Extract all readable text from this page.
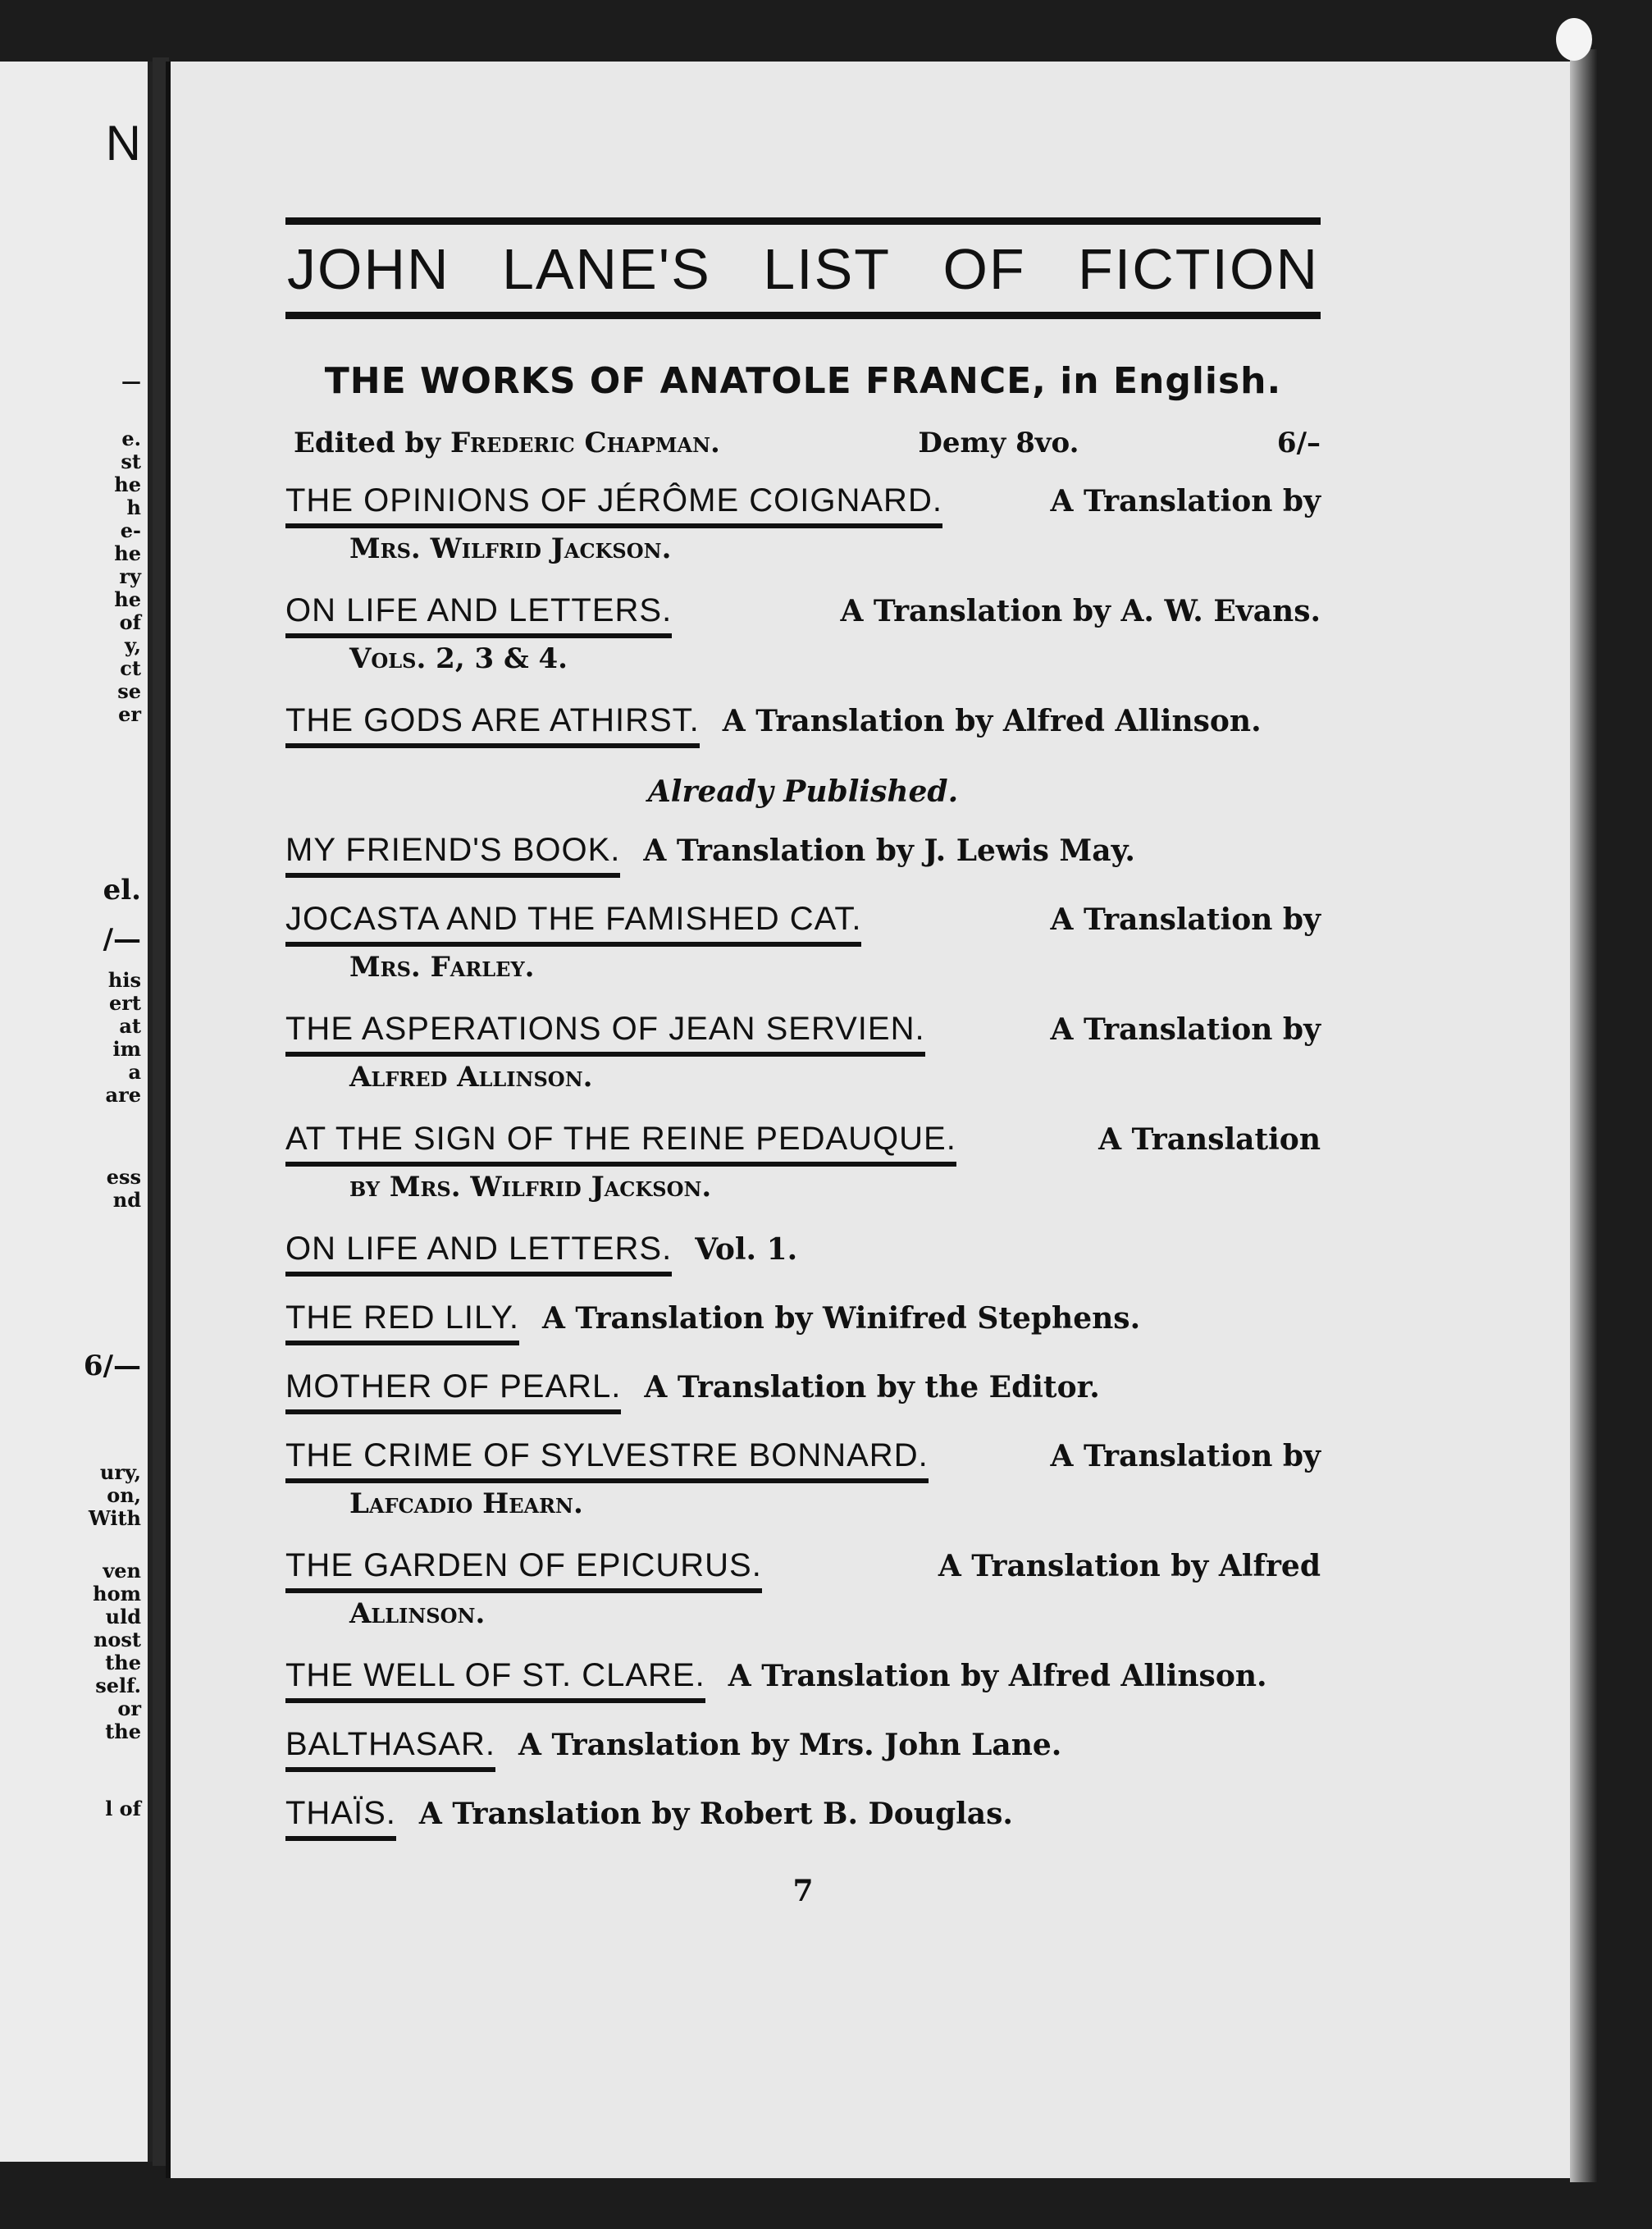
—
N
e.
st
he
h
e-
he
ry
he
of
y,
ct
se
er
el.
/—
his
ert
at
im
a
are
ess
nd
6/—
ury,
on,
With
ven
hom
uld
nost
the
self.
or
the
l of
JOHN LANE'S LIST OF FICTION
THE WORKS OF ANATOLE FRANCE, in English.
Edited by Frederic Chapman.	Demy 8vo.	6/–
THE OPINIONS OF JÉRÔME COIGNARD.	A Translation by
Mrs. Wilfrid Jackson.
ON LIFE AND LETTERS.	A Translation by A. W. Evans.
Vols. 2, 3 & 4.
THE GODS ARE ATHIRST. A Translation by Alfred Allinson.
Already Published.
MY FRIEND'S BOOK. A Translation by J. Lewis May.
JOCASTA AND THE FAMISHED CAT.	A Translation by
Mrs. Farley.
THE ASPERATIONS OF JEAN SERVIEN.	A Translation by
Alfred Allinson.
AT THE SIGN OF THE REINE PEDAUQUE.	A Translation
by Mrs. Wilfrid Jackson.
ON LIFE AND LETTERS. Vol. 1.
THE RED LILY. A Translation by Winifred Stephens.
MOTHER OF PEARL. A Translation by the Editor.
THE CRIME OF SYLVESTRE BONNARD.	A Translation by
Lafcadio Hearn.
THE GARDEN OF EPICURUS.	A Translation by Alfred
Allinson.
THE WELL OF ST. CLARE. A Translation by Alfred Allinson.
BALTHASAR. A Translation by Mrs. John Lane.
THAÏS. A Translation by Robert B. Douglas.
7
